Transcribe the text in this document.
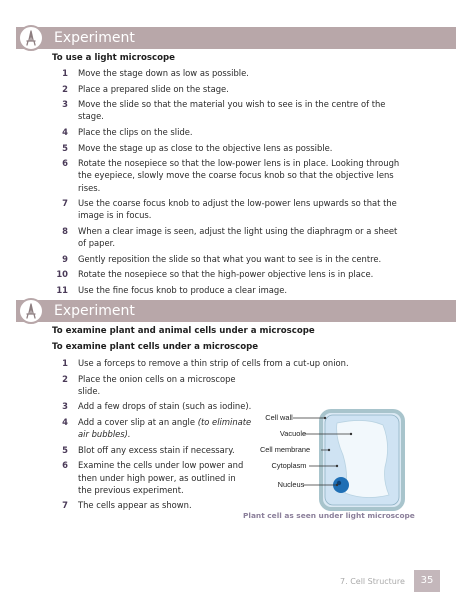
Experiment
To use a light microscope
1 Move the stage down as low as possible.
2 Place a prepared slide on the stage.
3 Move the slide so that the material you wish to see is in the centre of the stage.
4 Place the clips on the slide.
5 Move the stage up as close to the objective lens as possible.
6 Rotate the nosepiece so that the low-power lens is in place. Looking through the eyepiece, slowly move the coarse focus knob so that the objective lens rises.
7 Use the coarse focus knob to adjust the low-power lens upwards so that the image is in focus.
8 When a clear image is seen, adjust the light using the diaphragm or a sheet of paper.
9 Gently reposition the slide so that what you want to see is in the centre.
10 Rotate the nosepiece so that the high-power objective lens is in place.
11 Use the fine focus knob to produce a clear image.
Experiment
To examine plant and animal cells under a microscope
To examine plant cells under a microscope
1 Use a forceps to remove a thin strip of cells from a cut-up onion.
2 Place the onion cells on a microscope slide.
3 Add a few drops of stain (such as iodine).
4 Add a cover slip at an angle (to eliminate air bubbles).
5 Blot off any excess stain if necessary.
6 Examine the cells under low power and then under high power, as outlined in the previous experiment.
7 The cells appear as shown.
Cell wall
Vacuole
Cell membrane
Cytoplasm
Nucleus
Plant cell as seen under light microscope
7. Cell Structure	35
